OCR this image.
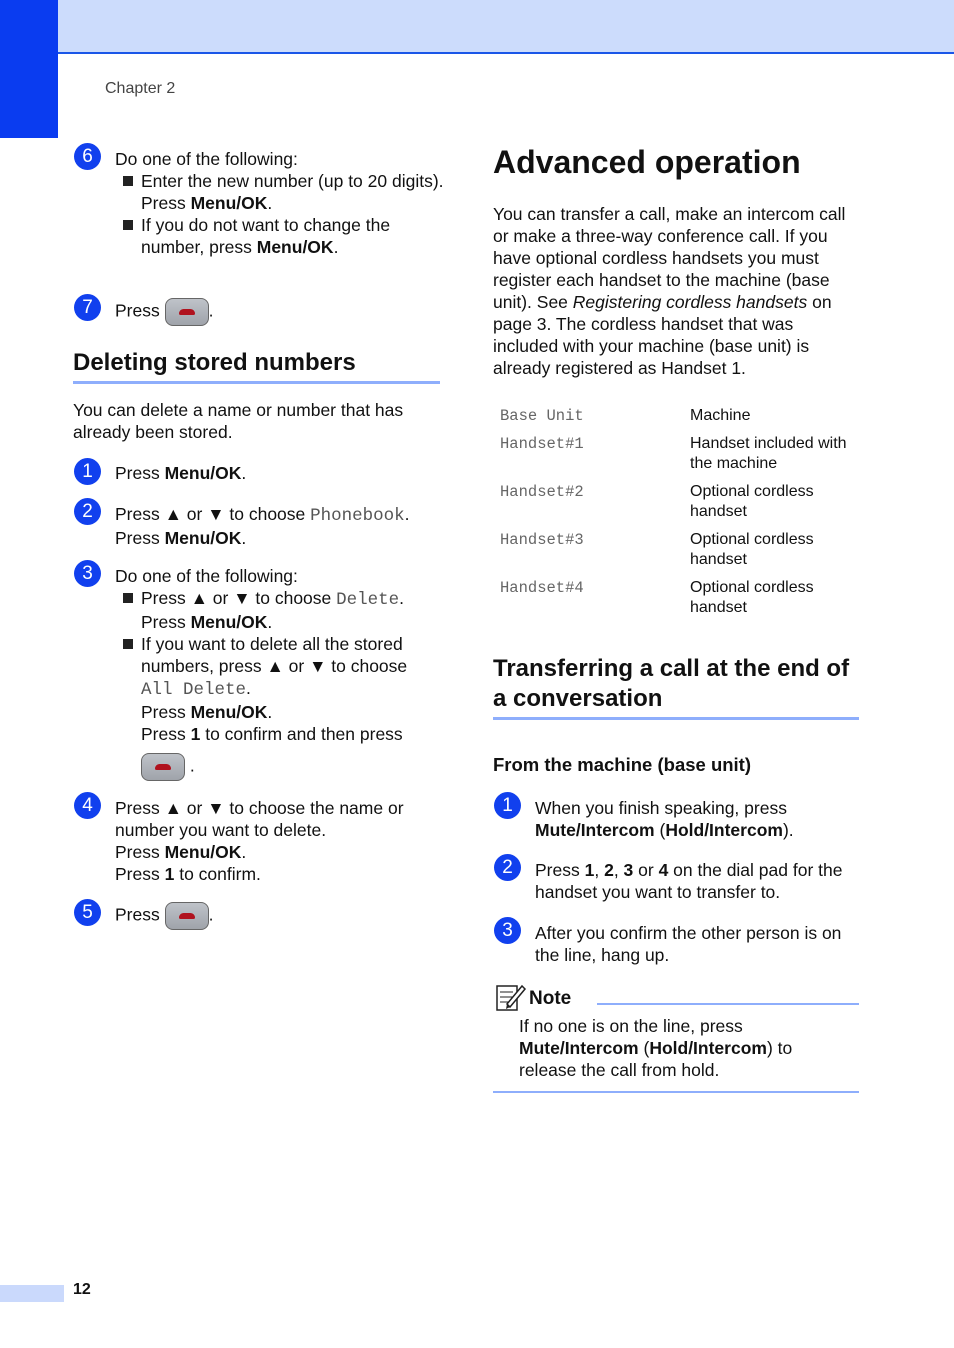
Chapter 2
6	Do one of the following:
Enter the new number (up to 20 digits).
Press Menu/OK.
If you do not want to change the number, press Menu/OK.
7	Press	.
Deleting stored numbers
You can delete a name or number that has already been stored.
1	Press Menu/OK.
2	Press ▲ or ▼ to choose Phonebook.
Press Menu/OK.
3	Do one of the following:
Press ▲ or ▼ to choose Delete.
Press Menu/OK.
If you want to delete all the stored numbers, press ▲ or ▼ to choose
All Delete.
Press Menu/OK.
Press 1 to confirm and then press

.
4	Press ▲ or ▼ to choose the name or number you want to delete.
Press Menu/OK.
Press 1 to confirm.
5	Press	.
Advanced operation
You can transfer a call, make an intercom call or make a three-way conference call. If you have optional cordless handsets you must register each handset to the machine (base unit). See Registering cordless handsets on page 3. The cordless handset that was included with your machine (base unit) is already registered as Handset 1.
Base Unit	Machine
Handset#1	Handset included with the machine
Handset#2	Optional cordless handset
Handset#3	Optional cordless handset
Handset#4	Optional cordless handset
Transferring a call at the end of a conversation
From the machine (base unit)
1	When you finish speaking, press
Mute/Intercom (Hold/Intercom).
2	Press 1, 2, 3 or 4 on the dial pad for the handset you want to transfer to.
3	After you confirm the other person is on the line, hang up.
Note
If no one is on the line, press
Mute/Intercom (Hold/Intercom) to release the call from hold.
12
